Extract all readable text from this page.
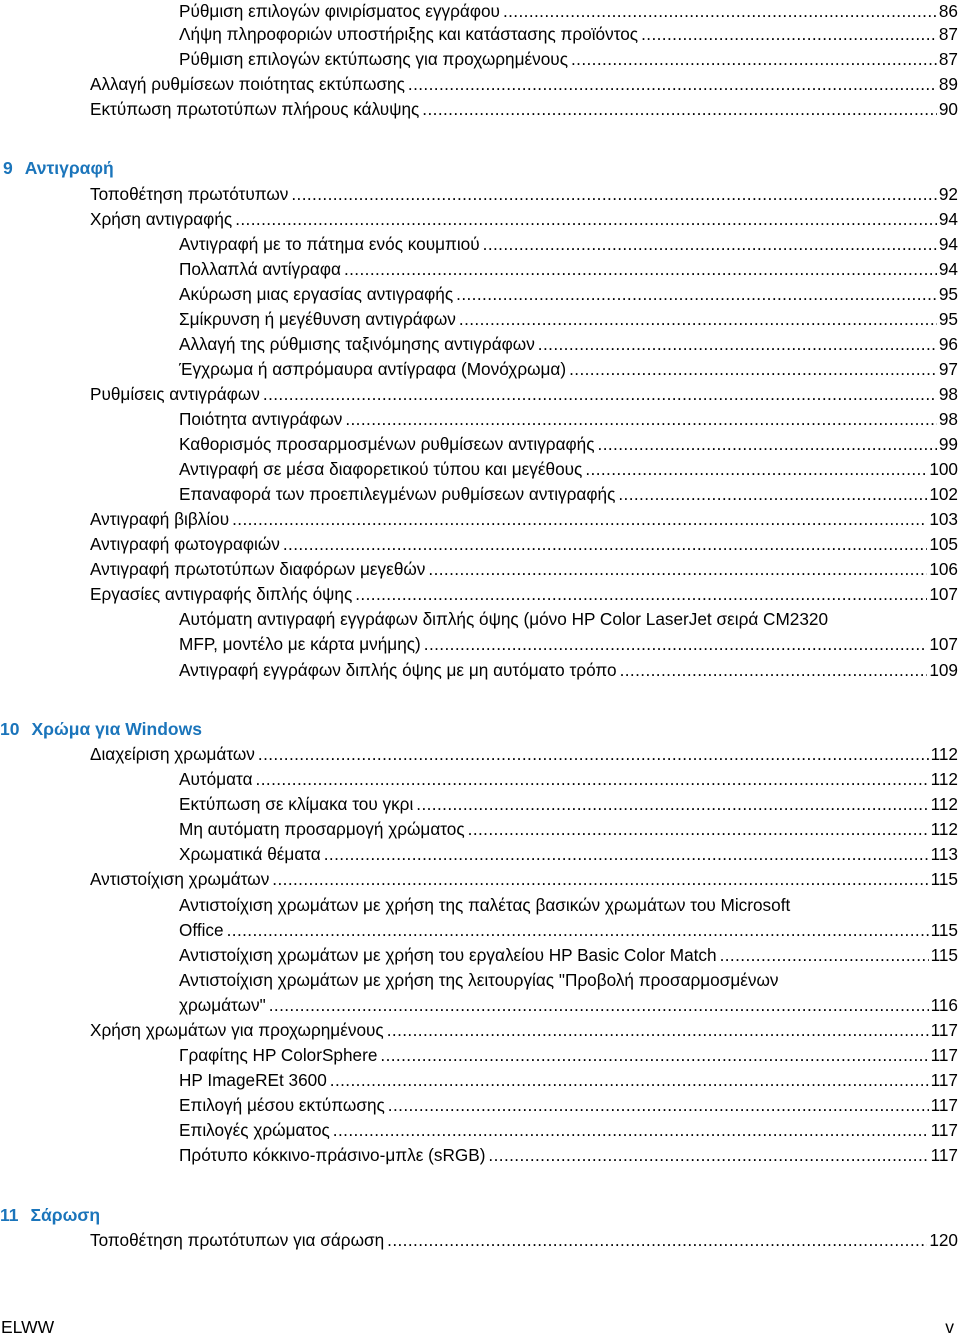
Ρύθμιση επιλογών φινιρίσματος εγγράφου .....	86
Λήψη πληροφοριών υποστήριξης και κατάστασης προϊόντος .....	87
Ρύθμιση επιλογών εκτύπωσης για προχωρημένους .....	87
Αλλαγή ρυθμίσεων ποιότητας εκτύπωσης .....	89
Εκτύπωση πρωτοτύπων πλήρους κάλυψης .....	90
9 Αντιγραφή
Τοποθέτηση πρωτότυπων .....	92
Χρήση αντιγραφής .....	94
Αντιγραφή με το πάτημα ενός κουμπιού .....	94
Πολλαπλά αντίγραφα .....	94
Ακύρωση μιας εργασίας αντιγραφής .....	95
Σμίκρυνση ή μεγέθυνση αντιγράφων .....	95
Αλλαγή της ρύθμισης ταξινόμησης αντιγράφων .....	96
Έγχρωμα ή ασπρόμαυρα αντίγραφα (Μονόχρωμα) .....	97
Ρυθμίσεις αντιγράφων .....	98
Ποιότητα αντιγράφων .....	98
Καθορισμός προσαρμοσμένων ρυθμίσεων αντιγραφής .....	99
Αντιγραφή σε μέσα διαφορετικού τύπου και μεγέθους .....	100
Επαναφορά των προεπιλεγμένων ρυθμίσεων αντιγραφής .....	102
Αντιγραφή βιβλίου .....	103
Αντιγραφή φωτογραφιών .....	105
Αντιγραφή πρωτοτύπων διαφόρων μεγεθών .....	106
Εργασίες αντιγραφής διπλής όψης .....	107
Αυτόματη αντιγραφή εγγράφων διπλής όψης (μόνο HP Color LaserJet σειρά CM2320
MFP, μοντέλο με κάρτα μνήμης) .....	107
Αντιγραφή εγγράφων διπλής όψης με μη αυτόματο τρόπο .....	109
10 Χρώμα για Windows
Διαχείριση χρωμάτων .....	112
Αυτόματα .....	112
Εκτύπωση σε κλίμακα του γκρι .....	112
Μη αυτόματη προσαρμογή χρώματος .....	112
Χρωματικά θέματα .....	113
Αντιστοίχιση χρωμάτων .....	115
Αντιστοίχιση χρωμάτων με χρήση της παλέτας βασικών χρωμάτων του Microsoft
Office .....	115
Αντιστοίχιση χρωμάτων με χρήση του εργαλείου HP Basic Color Match .....	115
Αντιστοίχιση χρωμάτων με χρήση της λειτουργίας "Προβολή προσαρμοσμένων
χρωμάτων" .....	116
Χρήση χρωμάτων για προχωρημένους .....	117
Γραφίτης HP ColorSphere .....	117
HP ImageREt 3600 .....	117
Επιλογή μέσου εκτύπωσης .....	117
Επιλογές χρώματος .....	117
Πρότυπο κόκκινο-πράσινο-μπλε (sRGB) .....	117
11 Σάρωση
Τοποθέτηση πρωτότυπων για σάρωση .....	120
ELWW	v
